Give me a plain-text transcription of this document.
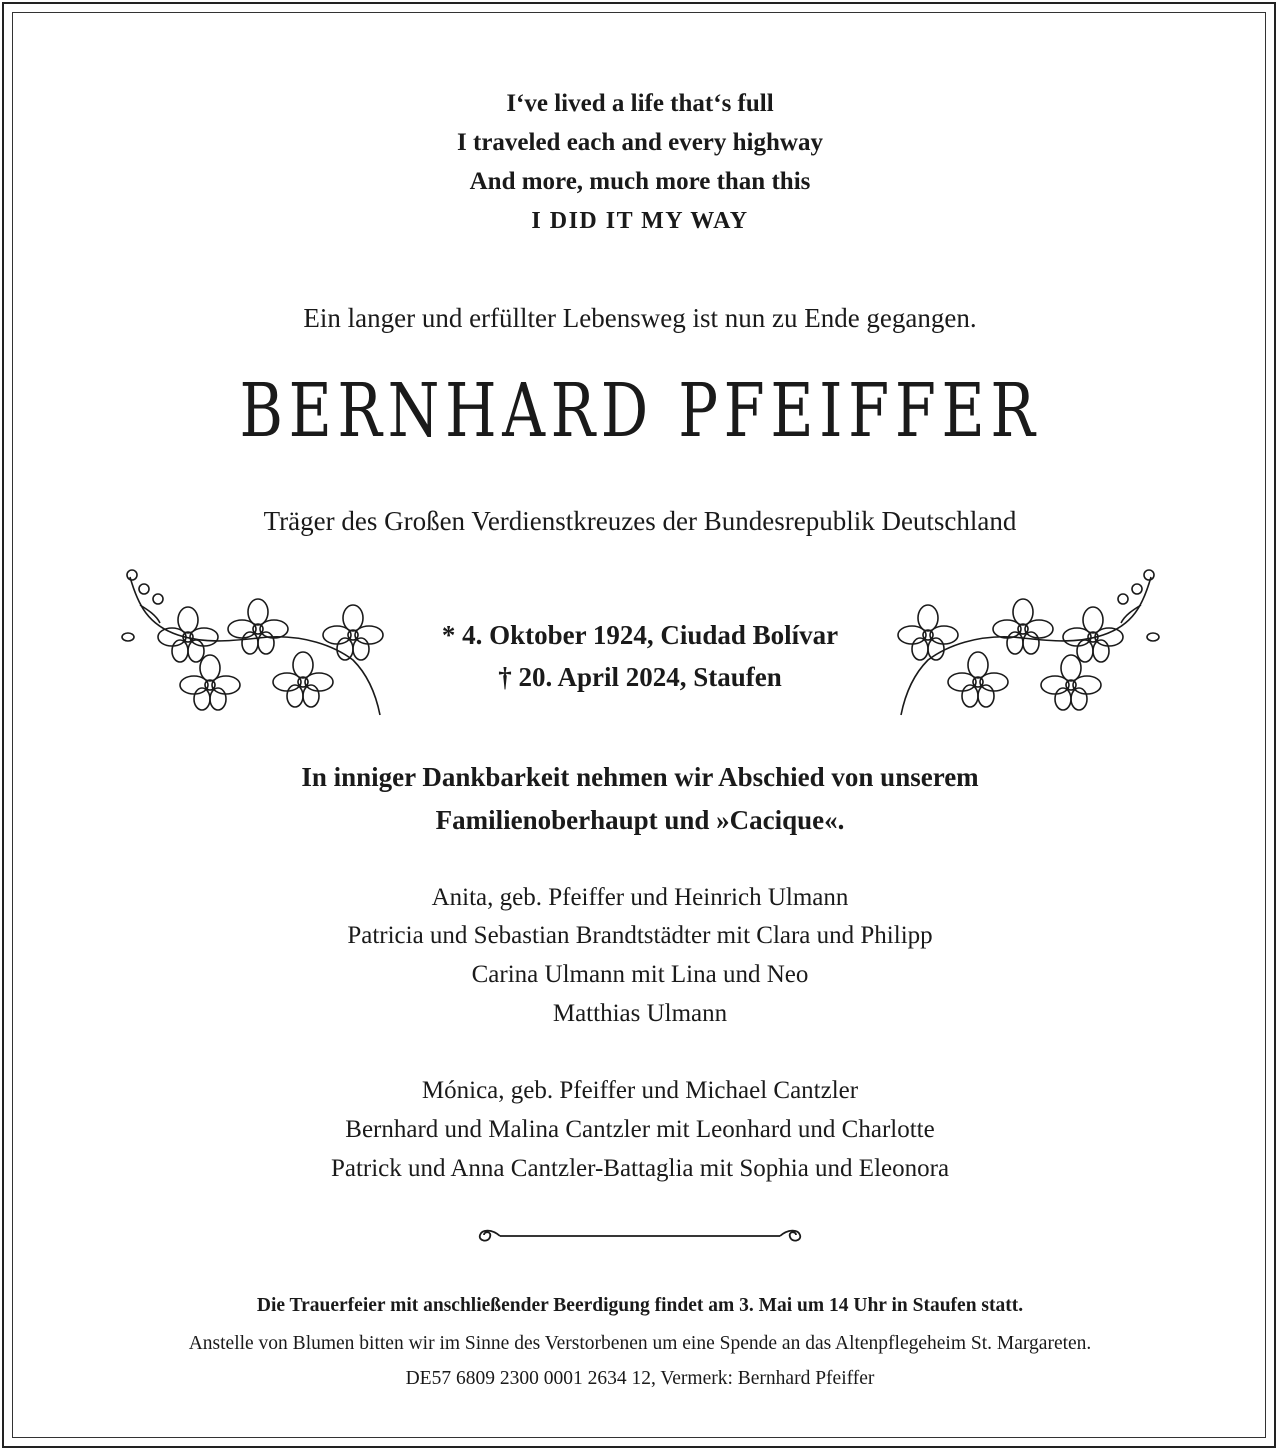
I‘ve lived a life that‘s full
I traveled each and every highway
And more, much more than this
I DID IT MY WAY
Ein langer und erfüllter Lebensweg ist nun zu Ende gegangen.
BERNHARD PFEIFFER
Träger des Großen Verdienstkreuzes der Bundesrepublik Deutschland
* 4. Oktober 1924, Ciudad Bolívar
† 20. April 2024, Staufen
In inniger Dankbarkeit nehmen wir Abschied von unserem
Familienoberhaupt und »Cacique«.
Anita, geb. Pfeiffer und Heinrich Ulmann
Patricia und Sebastian Brandtstädter mit Clara und Philipp
Carina Ulmann mit Lina und Neo
Matthias Ulmann
Mónica, geb. Pfeiffer und Michael Cantzler
Bernhard und Malina Cantzler mit Leonhard und Charlotte
Patrick und Anna Cantzler-Battaglia mit Sophia und Eleonora
Die Trauerfeier mit anschließender Beerdigung findet am 3. Mai um 14 Uhr in Staufen statt.
Anstelle von Blumen bitten wir im Sinne des Verstorbenen um eine Spende an das Altenpflegeheim St. Margareten.
DE57 6809 2300 0001 2634 12, Vermerk: Bernhard Pfeiffer
